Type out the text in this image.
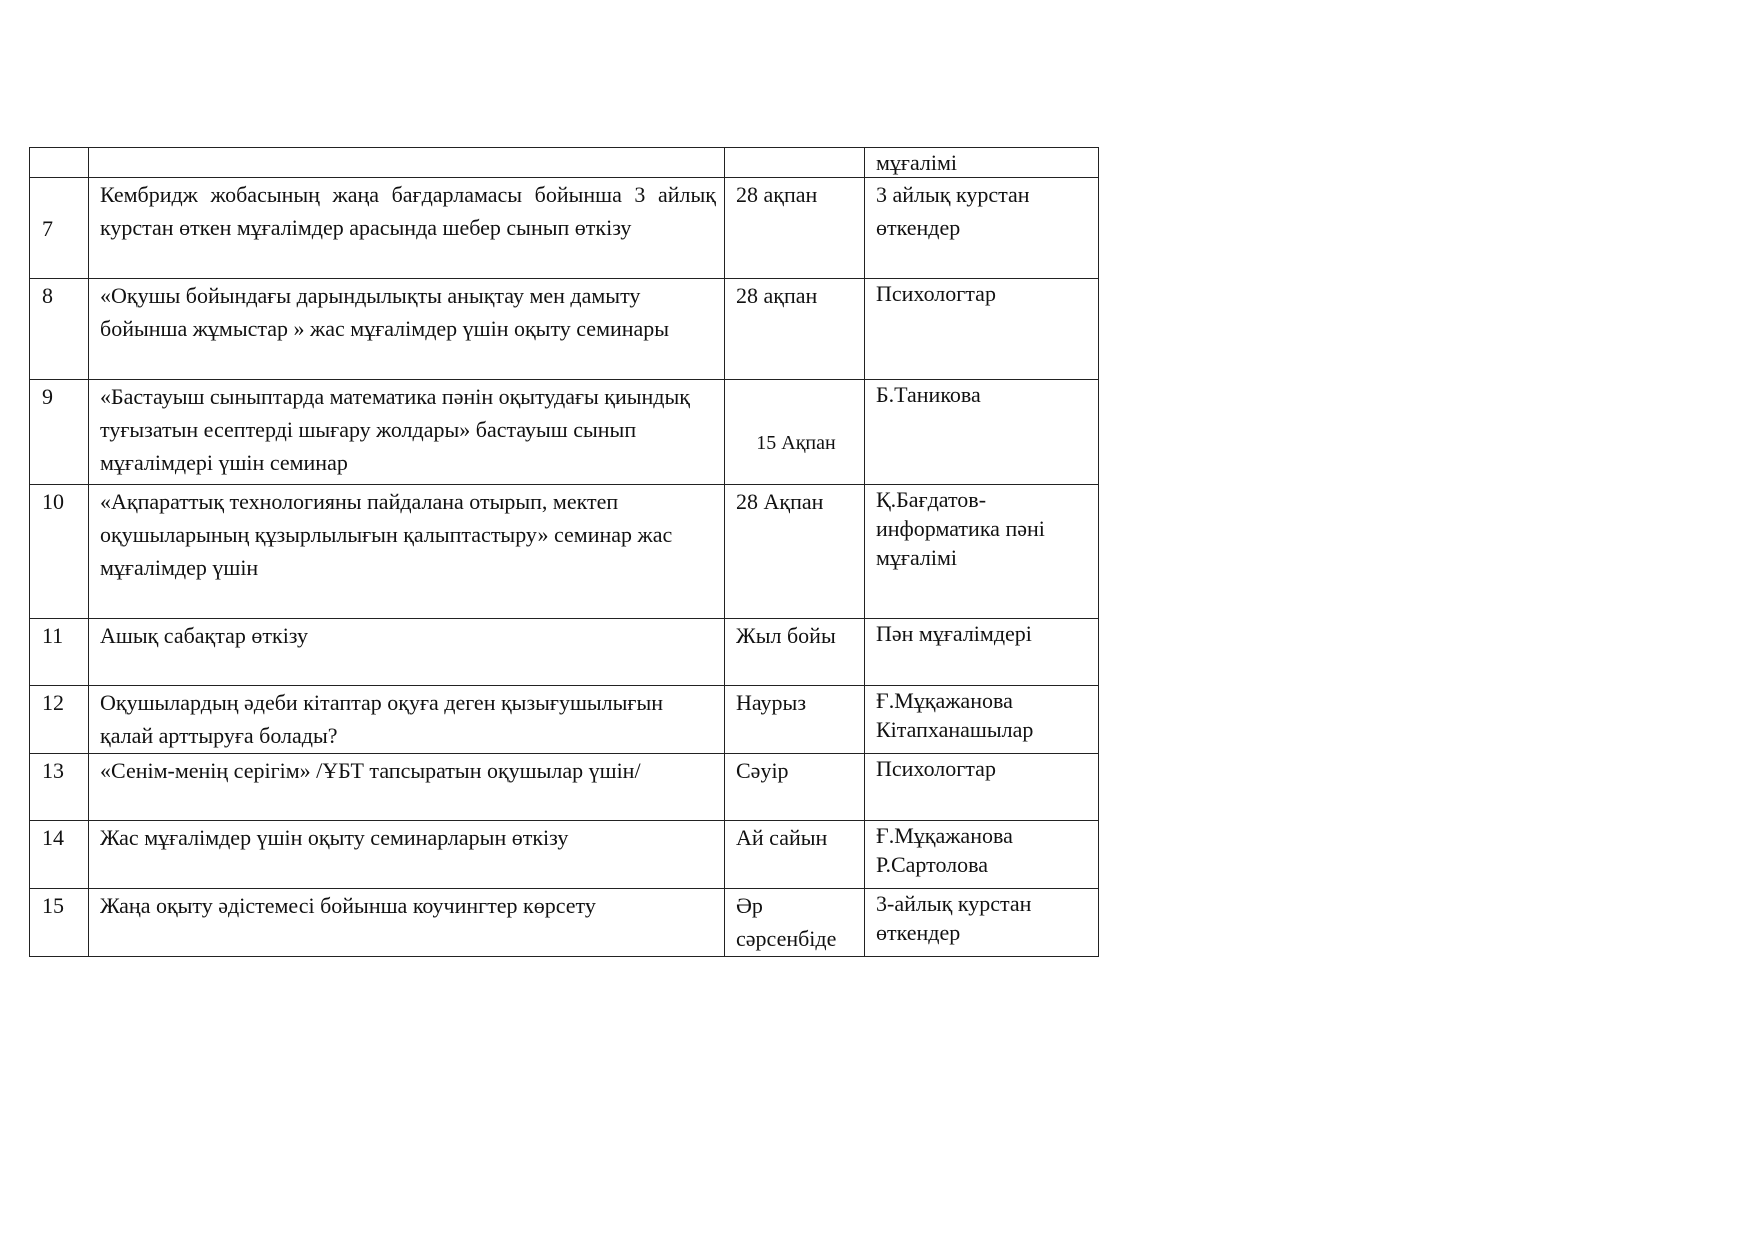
			мұғалімі
7	Кембридж жобасының жаңа бағдарламасы бойынша 3 айлық курстан өткен мұғалімдер арасында шебер сынып өткізу	28 ақпан	3 айлық курстан өткендер
8	«Оқушы бойындағы дарындылықты анықтау мен дамыту бойынша жұмыстар » жас мұғалімдер үшін оқыту семинары	28 ақпан	Психологтар
9	«Бастауыш сыныптарда математика пәнін оқытудағы қиындық туғызатын есептерді шығару жолдары» бастауыш сынып мұғалімдері үшін семинар	15 Ақпан	Б.Таникова
10	«Ақпараттық технологияны пайдалана отырып, мектеп оқушыларының құзырлылығын қалыптастыру» семинар жас мұғалімдер үшін	28 Ақпан	Қ.Бағдатов-информатика пәні мұғалімі
11	Ашық сабақтар өткізу	Жыл бойы	Пән мұғалімдері
12	Оқушылардың әдеби кітаптар оқуға деген қызығушылығын қалай арттыруға болады?	Наурыз	Ғ.Мұқажанова Кітапханашылар
13	«Сенім-менің серігім» /ҰБТ тапсыратын оқушылар үшін/	Сәуір	Психологтар
14	Жас мұғалімдер үшін оқыту семинарларын өткізу	Ай сайын	Ғ.Мұқажанова Р.Сартолова
15	Жаңа оқыту әдістемесі бойынша коучингтер көрсету	Әр сәрсенбіде	3-айлық курстан өткендер
